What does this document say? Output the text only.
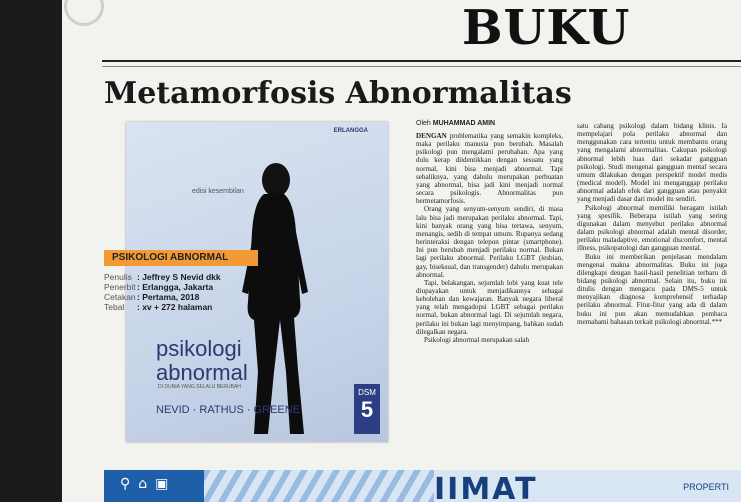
BUKU
Metamorfosis Abnormalitas
ERLANGGA
edisi kesembilan
psikologi
abnormal
DI DUNIA YANG SELALU BERUBAH
NEVID · RATHUS · GREENE
DSM
5
PSIKOLOGI ABNORMAL
Penulis : Jeffrey S Nevid dkk
Penerbit : Erlangga, Jakarta
Cetakan : Pertama, 2018
Tebal	: xv + 272 halaman
Oleh MUHAMMAD AMIN

DENGAN problematika yang semakin kompleks, maka perilaku manusia pun berubah. Masalah psikologi pun mengalami perubahan. Apa yang dulu kerap diidentikkan dengan sesuatu yang normal, kini bisa menjadi abnormal. Tapi sebaliknya, yang dahulu merupakan perbuatan yang abnormal, bisa jadi kini menjadi normal secara psikologis. Abnormalitas pun bermetamorfosis.

Orang yang senyum-senyum sendiri, di masa lalu bisa jadi merupakan perilaku abnormal. Tapi, kini banyak orang yang bisa tertawa, senyum, menangis, sedih di tempat umum. Rupanya sedang berinteraksi dengan telepon pintar (smartphone). Ini pun berubah menjadi perilaku normal. Bukan lagi perilaku abnormal. Perilaku LGBT (lesbian, gay, biseksual, dan transgender) dahulu merupakan abnormal.

Tapi, belakangan, sejumlah lobi yang kuat tele diupayakan untuk menjadikannya sebagai kebolehan dan kewajaran. Banyak negara liberal yang telah mengadopsi LGBT sebagai perilaku normal, bukan abnormal lagi. Di sejumlah negara, perilaku ini bukan lagi menyimpang, bahkan sudah dilegalkan negara.

Psikologi abnormal merupakan salah

satu cabang psikologi dalam bidang klinis. Ia mempelajari pola perilaku abnormal dan menggunakan cara tertentu untuk membantu orang yang mengalami abnormalitas. Cakupan psikologi abnormal lebih luas dari sekadar gangguan psikologi. Studi mengenai gangguan mental secara umum dilakukan dengan perspektif model medis (medical model). Model ini menganggap perilaku abnormal adalah efek dari gangguan atau penyakit yang menjadi dasar dari model itu sendiri.

Psikologi abnormal memiliki beragam istilah yang spesifik. Beberapa istilah yang sering digunakan dalam menyebut perilaku abnormal dalam psikologi abnormal adalah mental disorder, perilaku maladaptive, emotional discomfort, mental illness, psikopatologi dan gangguan mental.

Buku ini memberikan penjelasan mendalam mengenai makna abnormalitas. Buku ini juga dilengkapi dengan hasil-hasil penelitian terbaru di bidang psikologi abnormal. Selain itu, buku ini ditulis dengan mengacu pada DMS-5 untuk menyajikan diagnosa komprehensif terhadap perilaku abnormal. Fitur-fitur yang ada di dalam buku ini pun akan memudahkan pembaca memahami bahasan terkait psikologi abnormal.***

⚲⌂▣	IIMAT	PROPERTI
